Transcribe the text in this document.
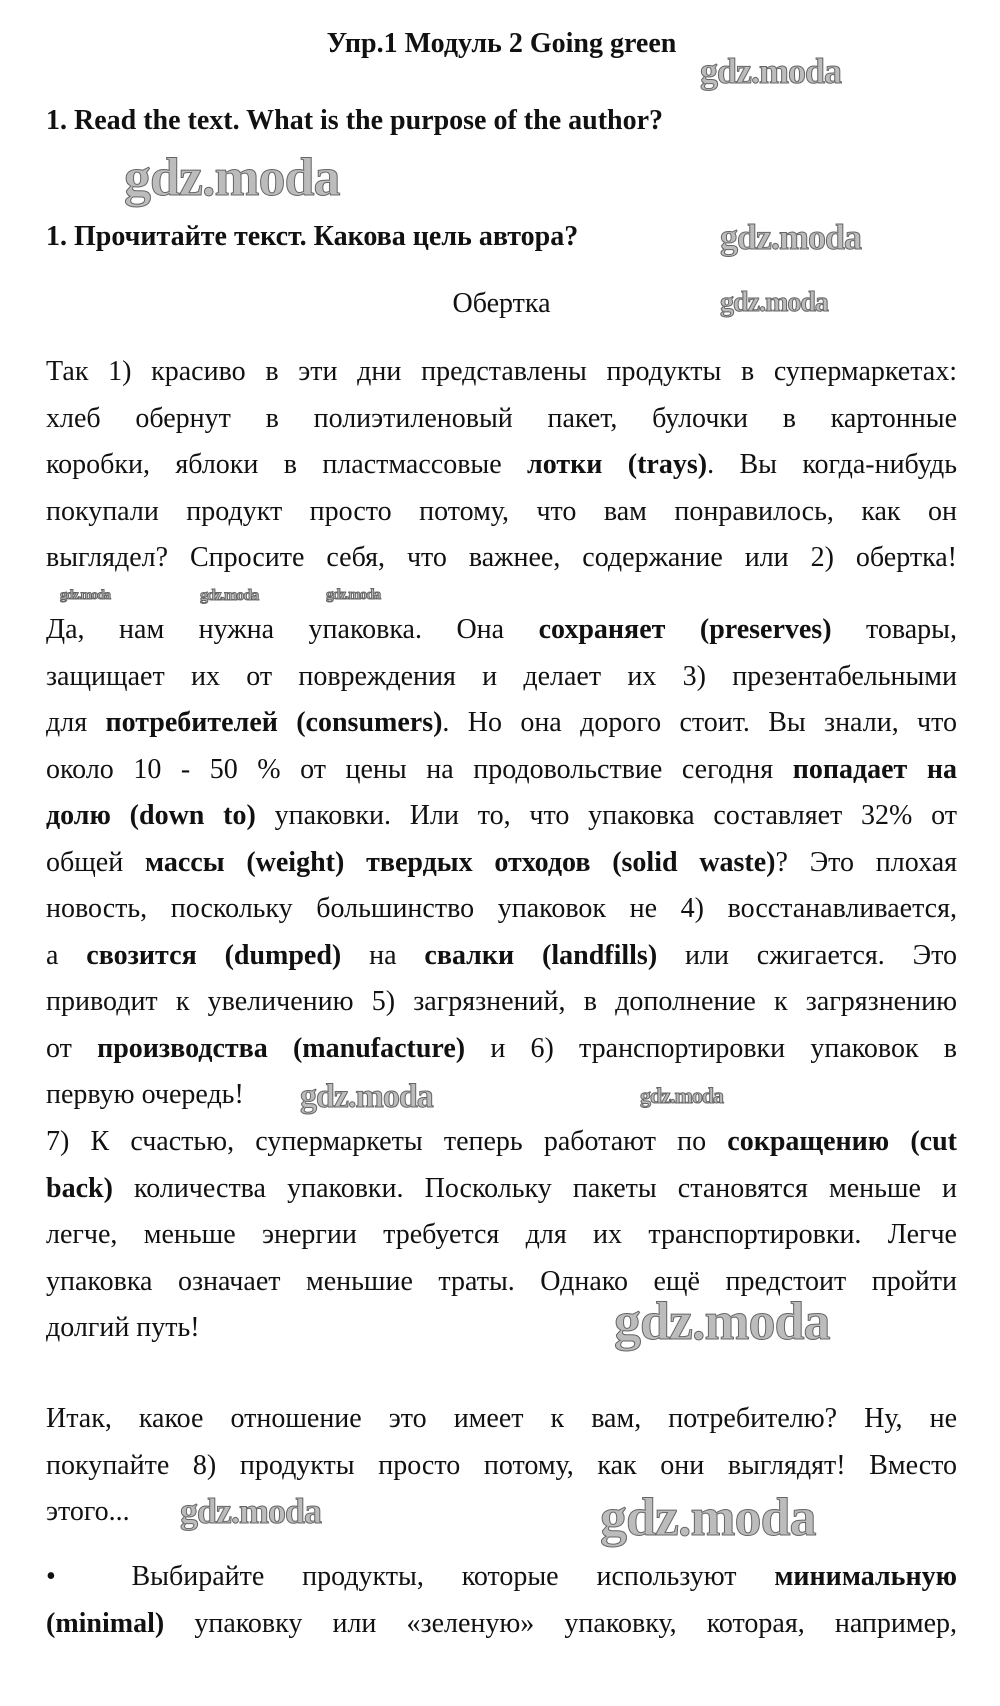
Упр.1 Модуль 2 Going green
1. Read the text. What is the purpose of the author?
1. Прочитайте текст. Какова цель автора?
Обертка
Так 1) красиво в эти дни представлены продукты в супермаркетах:
хлеб обернут в полиэтиленовый пакет, булочки в картонные
коробки, яблоки в пластмассовые лотки (trays). Вы когда-нибудь
покупали продукт просто потому, что вам понравилось, как он
выглядел? Спросите себя, что важнее, содержание или 2) обертка!
Да, нам нужна упаковка. Она сохраняет (preserves) товары,
защищает их от повреждения и делает их 3) презентабельными
для потребителей (consumers). Но она дорого стоит. Вы знали, что
около 10 - 50 % от цены на продовольствие сегодня попадает на
долю (down to) упаковки. Или то, что упаковка составляет 32% от
общей массы (weight) твердых отходов (solid waste)? Это плохая
новость, поскольку большинство упаковок не 4) восстанавливается,
а свозится (dumped) на свалки (landfills) или сжигается. Это
приводит к увеличению 5) загрязнений, в дополнение к загрязнению
от производства (manufacture) и 6) транспортировки упаковок в
первую очередь!
7) К счастью, супермаркеты теперь работают по сокращению (cut
back) количества упаковки. Поскольку пакеты становятся меньше и
легче, меньше энергии требуется для их транспортировки. Легче
упаковка означает меньшие траты. Однако ещё предстоит пройти
долгий путь!
Итак, какое отношение это имеет к вам, потребителю? Ну, не
покупайте 8) продукты просто потому, как они выглядят! Вместо
этого...
•  Выбирайте продукты, которые используют минимальную
(minimal) упаковку или «зеленую» упаковку, которая, например,
gdz.moda
gdz.moda
gdz.moda
gdz.moda
gdz.moda
gdz.moda
gdz.moda	gdz.moda
gdz.moda
gdz.moda
gdz.moda	gdz.moda
